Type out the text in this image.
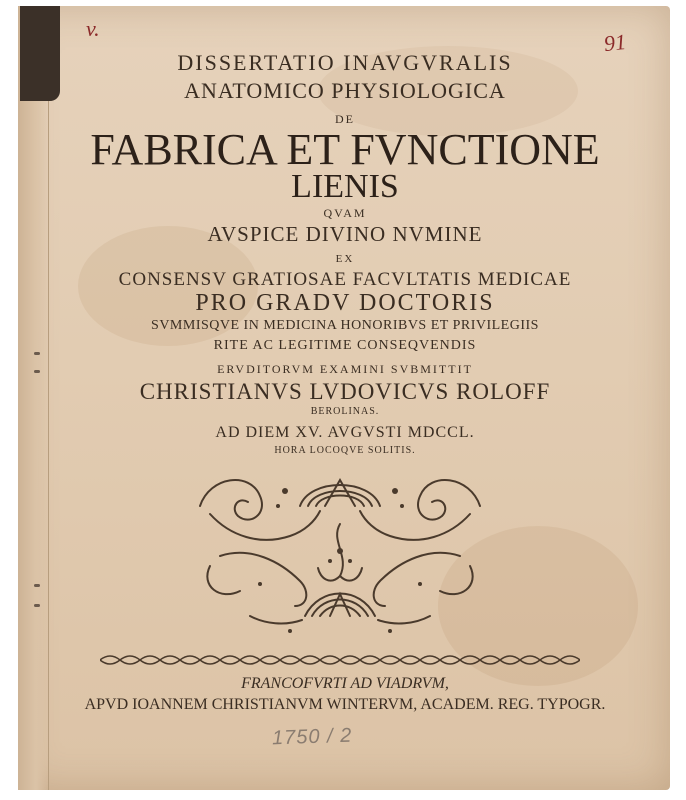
v.
91
DISSERTATIO INAVGVRALIS
ANATOMICO PHYSIOLOGICA
DE
FABRICA ET FVNCTIONE
LIENIS
QVAM
AVSPICE DIVINO NVMINE
EX
CONSENSV GRATIOSAE FACVLTATIS MEDICAE
PRO GRADV DOCTORIS
SVMMISQVE IN MEDICINA HONORIBVS ET PRIVILEGIIS
RITE AC LEGITIME CONSEQVENDIS
ERVDITORVM EXAMINI SVBMITTIT
CHRISTIANVS LVDOVICVS ROLOFF
BEROLINAS.
AD DIEM XV. AVGVSTI MDCCL.
HORA LOCOQVE SOLITIS.
FRANCOFVRTI AD VIADRVM,
APVD IOANNEM CHRISTIANVM WINTERVM, ACADEM. REG. TYPOGR.
1750 / 2
